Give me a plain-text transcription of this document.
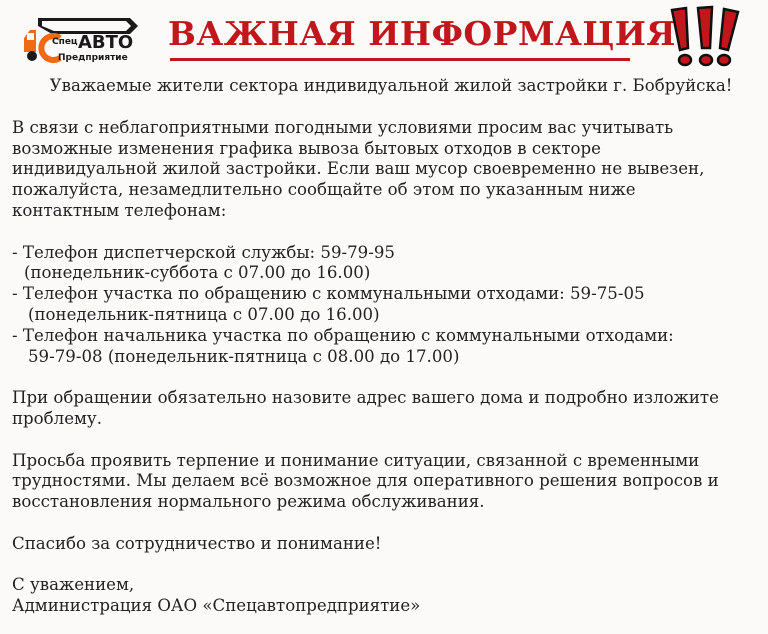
Спец АВТО
Предприятие
ВАЖНАЯ ИНФОРМАЦИЯ
Уважаемые жители сектора индивидуальной жилой застройки г. Бобруйска!
В связи с неблагоприятными погодными условиями просим вас учитывать
возможные изменения графика вывоза бытовых отходов в секторе
индивидуальной жилой застройки. Если ваш мусор своевременно не вывезен,
пожалуйста, незамедлительно сообщайте об этом по указанным ниже
контактным телефонам:
- Телефон диспетчерской службы: 59-79-95
(понедельник-суббота с 07.00 до 16.00)
- Телефон участка по обращению с коммунальными отходами: 59-75-05
(понедельник-пятница с 07.00 до 16.00)
- Телефон начальника участка по обращению с коммунальными отходами:
59-79-08 (понедельник-пятница с 08.00 до 17.00)
При обращении обязательно назовите адрес вашего дома и подробно изложите
проблему.
Просьба проявить терпение и понимание ситуации, связанной с временными
трудностями. Мы делаем всё возможное для оперативного решения вопросов и
восстановления нормального режима обслуживания.
Спасибо за сотрудничество и понимание!
С уважением,
Администрация ОАО «Спецавтопредприятие»
